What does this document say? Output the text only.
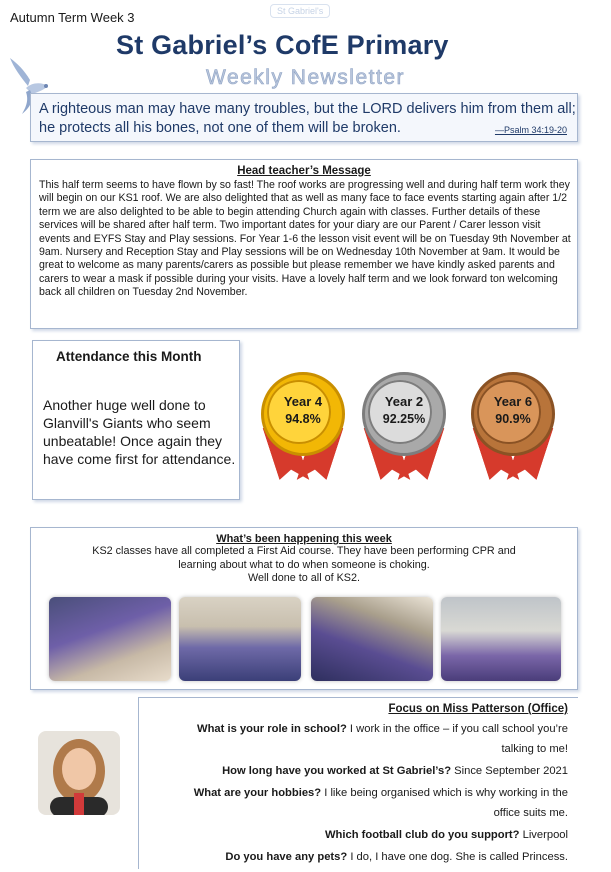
Autumn Term Week 3	St Gabriel's
St Gabriel’s CofE Primary
Weekly Newsletter
A righteous man may have many troubles, but the LORD delivers him from them all; he protects all his bones, not one of them will be broken.	—Psalm 34:19-20
Head teacher’s Message
This half term seems to have flown by so fast! The roof works are progressing well and during half term work they will begin on our KS1 roof. We are also delighted that as well as many face to face events starting again after 1/2 term we are also delighted to be able to begin attending Church again with classes. Further details of these services will be shared after half term. Two important dates for your diary are our Parent / Carer lesson visit events and EYFS Stay and Play sessions. For Year 1-6 the lesson visit event will be on Tuesday 9th November at 9am. Nursery and Reception Stay and Play sessions will be on Wednesday 10th November at 9am. It would be great to welcome as many parents/carers as possible but please remember we have kindly asked parents and carers to wear a mask if possible during your visits. Have a lovely half term and we look forward ton welcoming back all children on Tuesday 2nd November.
Attendance this Month
Another huge well done to Glanvill's Giants who seem unbeatable! Once again they have come first for attendance.
Year 4
94.8%
Year 2
92.25%
Year 6
90.9%
What’s been happening this week
KS2 classes have all completed a First Aid course. They have been performing CPR and
learning about what to do when someone is choking.
Well done to all of KS2.
Focus on Miss Patterson (Office)
What is your role in school? I work in the office – if you call school you’re
talking to me!
How long have you worked at St Gabriel’s? Since September 2021
What are your hobbies? I like being organised which is why working in the
office suits me.
Which football club do you support? Liverpool
Do you have any pets? I do, I have one dog. She is called Princess.
